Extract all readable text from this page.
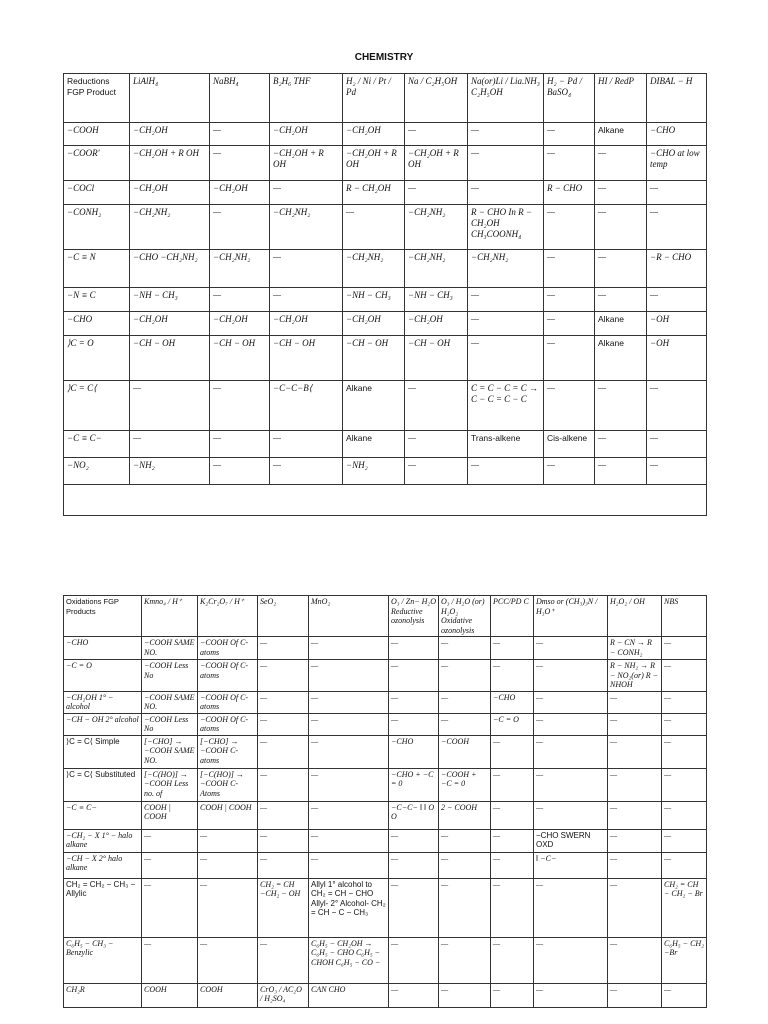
CHEMISTRY
Reductions FGP Product	LiAlH₄	NaBH₄	B₂H₆ THF	H₂ / Ni / Pt / Pd	Na / C₂H₅OH	Na(or)Li / Lia.NH₃ C₂H₅OH	H₂ − Pd / BaSO₄	HI / RedP	DIBAL − H
−COOH	−CH₂OH	—	−CH₂OH	−CH₂OH	—	—	—	Alkane	−CHO
−COOR'	−CH₂OH + R OH	—	−CH₂OH + R OH	−CH₂OH + R OH	−CH₂OH + R OH	—	—	—	−CHO at low temp
−COCl	−CH₂OH	−CH₂OH	—	R − CH₂OH	—	—	R − CHO	—	—
−CONH₂	−CH₂NH₂	—	−CH₂NH₂	—	−CH₂NH₂	R − CHO In R − CH₂OH CH₃COONH₄	—	—	—
−C ≡ N	−CHO −CH₂NH₂	−CH₂NH₂	—	−CH₂NH₂	−CH₂NH₂	−CH₂NH₂	—	—	−R − CHO
−N ≡ C	−NH − CH₃	—	—	−NH − CH₃	−NH − CH₃	—	—	—	—
−CHO	−CH₂OH	−CH₂OH	−CH₂OH	−CH₂OH	−CH₂OH	—	—	Alkane	−OH
⟩C = O	−CH − OH	−CH − OH	−CH − OH	−CH − OH	−CH − OH	—	—	Alkane	−OH
⟩C = C⟨	—	—	−C−C−B⟨	Alkane	—	C = C − C = C → C − C = C − C	—	—	—
−C ≡ C−	—	—	—	Alkane	—	Trans-alkene	Cis-alkene	—	—
−NO₂	−NH₂	—	—	−NH₂	—	—	—	—	—

Oxidations FGP Products	Kmno₄ / H⁺	K₂Cr₂O₇ / H⁺	SeO₂	MnO₂	O₃ / Zn− H₂O Reductive ozonolysis	O₃ / H₂O (or) H₂O₂ Oxidative ozonolysis	PCC/PD C	Dmso or (CH₃)₃N / H₃O⁺	H₂O₂ / OH	NBS
−CHO	−COOH SAME NO.	−COOH Of C-atoms	—	—	—	—	—	—	R − CN → R − CONH₂	—
−C = O	−COOH Less No	−COOH Of C-atoms	—	—	—	—	—	—	R − NH₂ → R − NO₂(or) R − NHOH	—
−CH₂OH 1° − alcohol	−COOH SAME NO.	−COOH Of C-atoms	—	—	—	—	−CHO	—	—	—
−CH − OH 2° alcohol	−COOH Less No	−COOH Of C-atoms	—	—	—	—	−C = O	—	—	—
⟩C = C⟨ Simple	[−CHO] → −COOH SAME NO.	[−CHO] → −COOH C-atoms	—	—	−CHO	−COOH	—	—	—	—
⟩C = C⟨ Substituted	[−C(HO)] → −COOH Less no. of	[−C(HO)] → −COOH C-Atoms	—	—	−CHO + −C = 0	−COOH + −C = 0	—	—	—	—
−C ≡ C−	COOH | COOH	COOH | COOH	—	—	−C−C− ‖ ‖ O O	2 − COOH	—	—	—	—
−CH₂ − X 1° − halo alkane	—	—	—	—	—	—	—	−CHO SWERN OXD	—	—
−CH − X 2° halo alkane	—	—	—	—	—	—	—	‖ −C−	—	—
CH₂ = CH₂ − CH₃ − Allylic	—	—	CH₂ = CH −CH₂ − OH	Allyl 1° alcohol to CH₂ = CH − CHO Allyl- 2° Alcohol- CH₂ = CH − C − CH₃	—	—	—	—	—	CH₂ = CH − CH₂ − Br
C₆H₅ − CH₃ − Benzylic	—	—	—	C₆H₅ − CH₂OH → C₆H₅ − CHO C₆H₅ − CHOH C₆H₅ − CO −	—	—	—	—	—	C₆H₅ − CH₂ −Br
CH₂R	COOH	COOH	CrO₃ / AC₂O / H₂SO₄	CAN CHO	—	—	—	—	—	—
